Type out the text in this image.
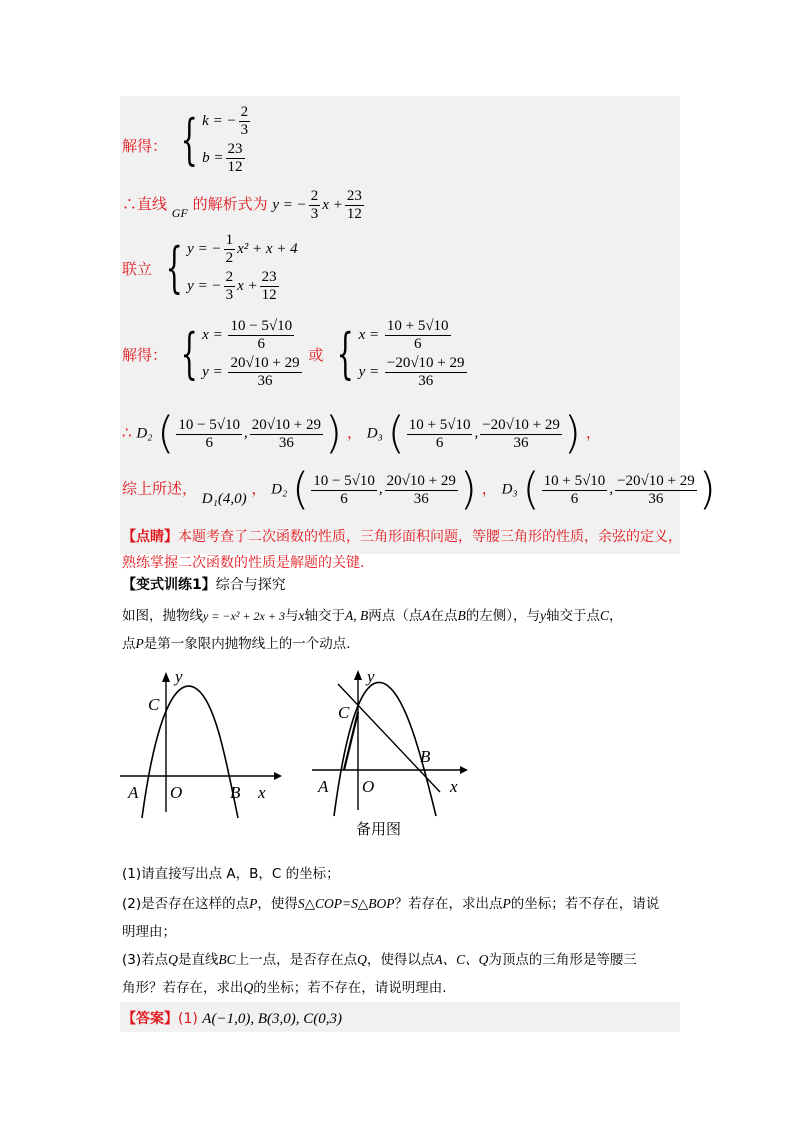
解得： { k = − $\frac{2}{3}$
$b = \frac{23}{12}$
∴直线 $_{GF}$ 的解析式为 y = − $\frac{2}{3}$ $x + \frac{23}{12}$
联立 { y = − $\frac{1}{2} x^2 + x + 4$
y = − $\frac{2}{3}$ $x + \frac{23}{12}$
解得： { $x = \frac{10 - 5√10}{6}$
$y = \frac{20√10 + 29}{36}$
或 { $x = \frac{10 + 5√10}{6}$
$y = \frac{-20√10 + 29}{36}$
∴ D₂ ( $\frac{10 - 5√10}{6}$ , $\frac{20√10 + 29}{36}$ ) ， D₃ ( $\frac{10 + 5√10}{6}$ , $\frac{-20√10 + 29}{36}$ ) ，
综上所述， D₁(4,0) ， D₂ ( $\frac{10 - 5√10}{6}$ , $\frac{20√10 + 29}{36}$ ) ， D₃ ( $\frac{10 + 5√10}{6}$ , $\frac{-20√10 + 29}{36}$ )
【点睛】本题考查了二次函数的性质，三角形面积问题，等腰三角形的性质，余弦的定义，
熟练掌握二次函数的性质是解题的关键.
【变式训练1】综合与探究
如图，抛物线y = −x² + 2x + 3与x轴交于A, B两点（点A在点B的左侧），与y轴交于点C，
点P是第一象限内抛物线上的一个动点.
y
C
A O	B x
y
C
A O
B
x
备用图
(1)请直接写出点 A，B，C 的坐标；
(2)是否存在这样的点P，使得S△COP=S△BOP？若存在，求出点P的坐标；若不存在，请说
明理由；
(3)若点Q是直线BC上一点，是否存在点Q，使得以点A、C、Q为顶点的三角形是等腰三
角形？若存在，求出Q的坐标；若不存在，请说明理由.
【答案】(1) A(−1,0), B(3,0), C(0,3)
